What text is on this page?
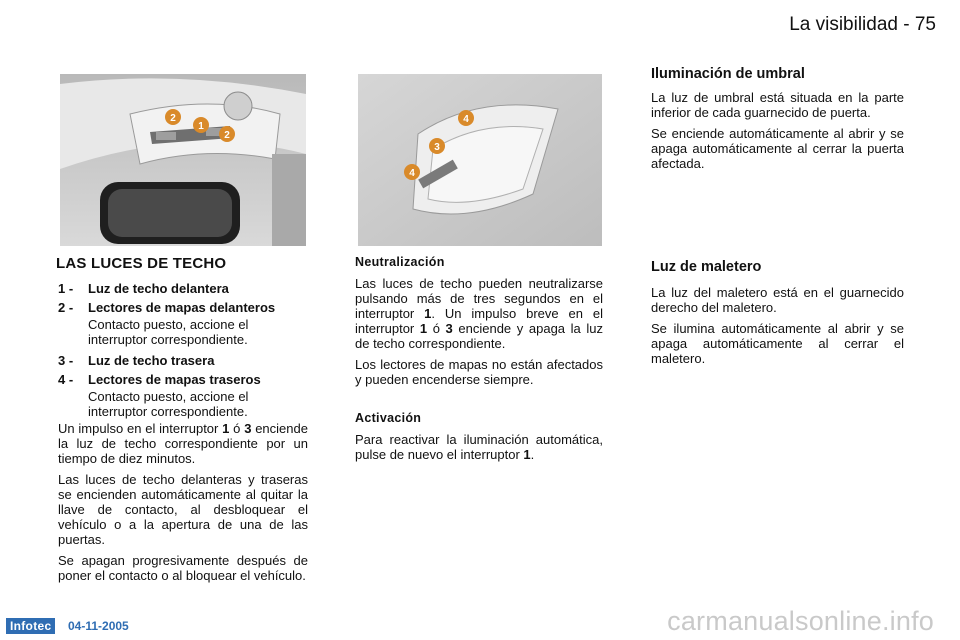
La visibilidad - 75
2
1
2
4
3
4
LAS LUCES DE TECHO
1 -	Luz de techo delantera
2 -	Lectores de mapas delanteros
Contacto puesto, accione el interruptor correspondiente.
3 -	Luz de techo trasera
4 -	Lectores de mapas traseros
Contacto puesto, accione el interruptor correspondiente.

Un impulso en el interruptor 1 ó 3 enciende la luz de techo correspondiente por un tiempo de diez minutos.

Las luces de techo delanteras y traseras se encienden automáticamente al quitar la llave de contacto, al desbloquear el vehículo o a la apertura de una de las puertas.

Se apagan progresivamente después de poner el contacto o al bloquear el vehículo.

Neutralización

Las luces de techo pueden neutralizarse pulsando más de tres segundos en el interruptor 1. Un impulso breve en el interruptor 1 ó 3 enciende y apaga la luz de techo correspondiente.

Los lectores de mapas no están afectados y pueden encenderse siempre.

Activación

Para reactivar la iluminación automática, pulse de nuevo el interruptor 1.

Iluminación de umbral

La luz de umbral está situada en la parte inferior de cada guarnecido de puerta.

Se enciende automáticamente al abrir y se apaga automáticamente al cerrar la puerta afectada.

Luz de maletero

La luz del maletero está en el guarnecido derecho del maletero.

Se ilumina automáticamente al abrir y se apaga automáticamente al cerrar el maletero.

Infotec	04-11-2005	carmanualsonline.info
